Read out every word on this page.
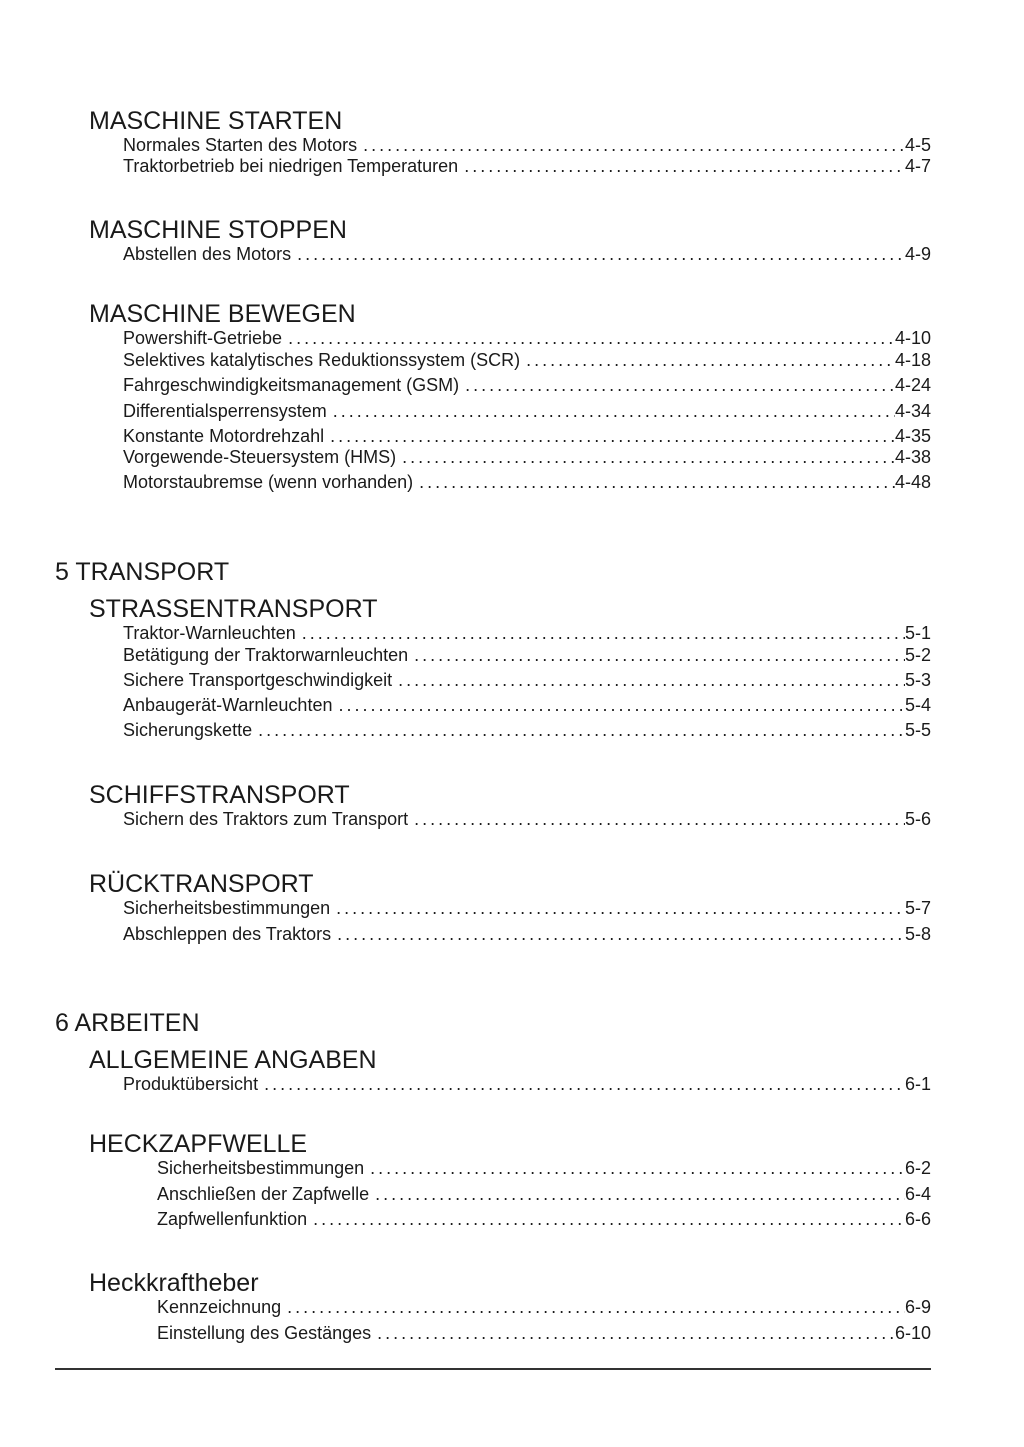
MASCHINE STARTEN
Normales Starten des Motors . . .	4-5
Traktorbetrieb bei niedrigen Temperaturen . . .	4-7
MASCHINE STOPPEN
Abstellen des Motors . . .	4-9
MASCHINE BEWEGEN
Powershift-Getriebe . . .	4-10
Selektives katalytisches Reduktionssystem (SCR) . . .	4-18
Fahrgeschwindigkeitsmanagement (GSM) . . .	4-24
Differentialsperrensystem . . .	4-34
Konstante Motordrehzahl . . .	4-35
Vorgewende-Steuersystem (HMS) . . .	4-38
Motorstaubremse (wenn vorhanden) . . .	4-48
5 TRANSPORT
STRASSENTRANSPORT
Traktor-Warnleuchten . . .	5-1
Betätigung der Traktorwarnleuchten . . .	5-2
Sichere Transportgeschwindigkeit . . .	5-3
Anbaugerät-Warnleuchten . . .	5-4
Sicherungskette . . .	5-5
SCHIFFSTRANSPORT
Sichern des Traktors zum Transport . . .	5-6
RÜCKTRANSPORT
Sicherheitsbestimmungen . . .	5-7
Abschleppen des Traktors . . .	5-8
6 ARBEITEN
ALLGEMEINE ANGABEN
Produktübersicht . . .	6-1
HECKZAPFWELLE
Sicherheitsbestimmungen . . .	6-2
Anschließen der Zapfwelle . . .	6-4
Zapfwellenfunktion . . .	6-6
Heckkraftheber
Kennzeichnung . . .	6-9
Einstellung des Gestänges . . .	6-10
